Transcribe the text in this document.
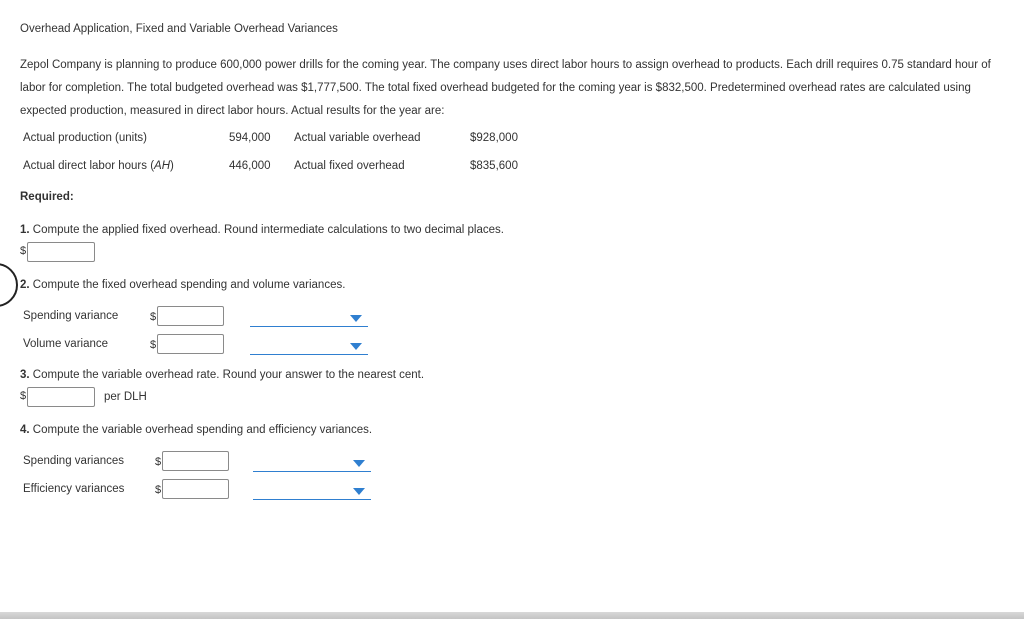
Overhead Application, Fixed and Variable Overhead Variances
Zepol Company is planning to produce 600,000 power drills for the coming year. The company uses direct labor hours to assign overhead to products. Each drill requires 0.75 standard hour of labor for completion. The total budgeted overhead was $1,777,500. The total fixed overhead budgeted for the coming year is $832,500. Predetermined overhead rates are calculated using expected production, measured in direct labor hours. Actual results for the year are:
Actual production (units)	594,000 Actual variable overhead	$928,000
Actual direct labor hours (AH)	446,000 Actual fixed overhead	$835,600
Required:
1. Compute the applied fixed overhead. Round intermediate calculations to two decimal places.
$
2. Compute the fixed overhead spending and volume variances.
Spending variance	$
Volume variance	$
3. Compute the variable overhead rate. Round your answer to the nearest cent.
$	per DLH
4. Compute the variable overhead spending and efficiency variances.
Spending variances	$
Efficiency variances	$
